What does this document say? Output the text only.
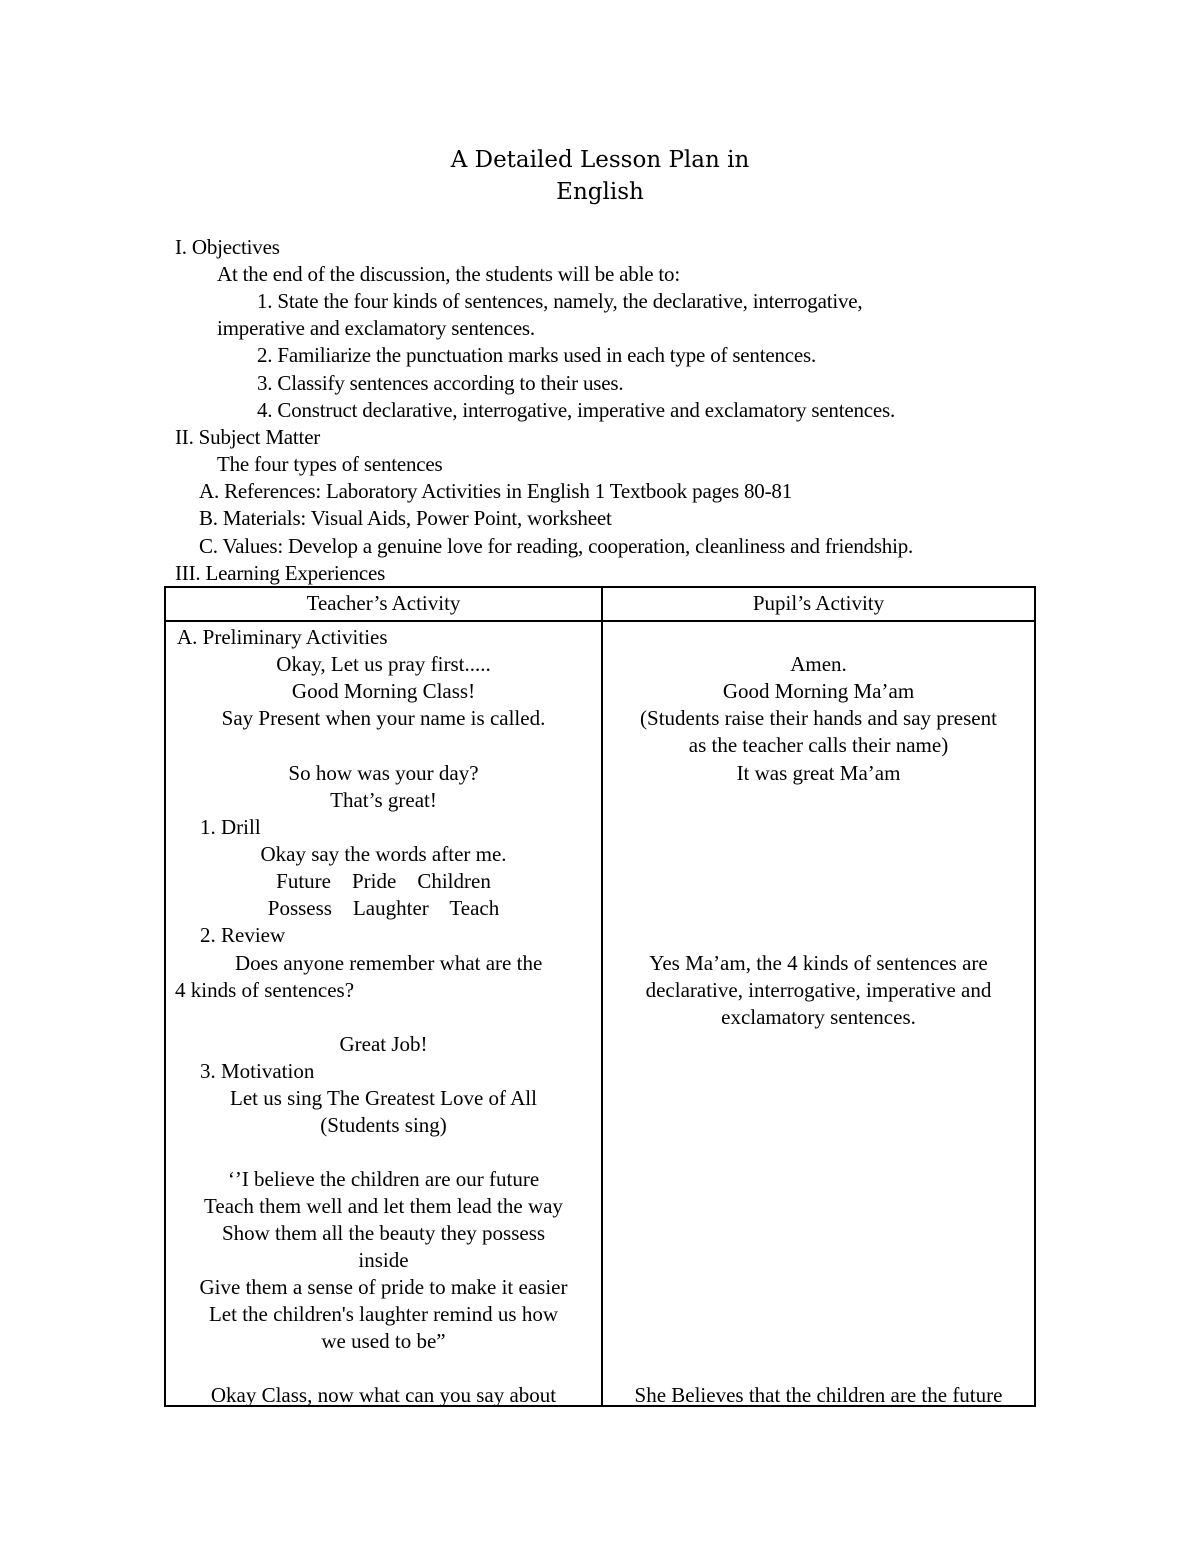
A Detailed Lesson Plan in
English
I. Objectives
At the end of the discussion, the students will be able to:
1. State the four kinds of sentences, namely, the declarative, interrogative,
imperative and exclamatory sentences.
2. Familiarize the punctuation marks used in each type of sentences.
3. Classify sentences according to their uses.
4. Construct declarative, interrogative, imperative and exclamatory sentences.
II. Subject Matter
The four types of sentences
A. References: Laboratory Activities in English 1 Textbook pages 80-81
B. Materials: Visual Aids, Power Point, worksheet
C. Values: Develop a genuine love for reading, cooperation, cleanliness and friendship.
III. Learning Experiences
Teacher’s Activity	Pupil’s Activity
A. Preliminary Activities
Okay, Let us pray first.....
Good Morning Class!
Say Present when your name is called.
So how was your day?
That’s great!
1. Drill
Okay say the words after me.
Future    Pride    Children
Possess    Laughter    Teach
2. Review
Does anyone remember what are the
4 kinds of sentences?
Great Job!
3. Motivation
Let us sing The Greatest Love of All
(Students sing)
‘’I believe the children are our future
Teach them well and let them lead the way
Show them all the beauty they possess
inside
Give them a sense of pride to make it easier
Let the children's laughter remind us how
we used to be”
Okay Class, now what can you say about
Amen.
Good Morning Ma’am
(Students raise their hands and say present
as the teacher calls their name)
It was great Ma’am
Yes Ma’am, the 4 kinds of sentences are
declarative, interrogative, imperative and
exclamatory sentences.
She Believes that the children are the future
